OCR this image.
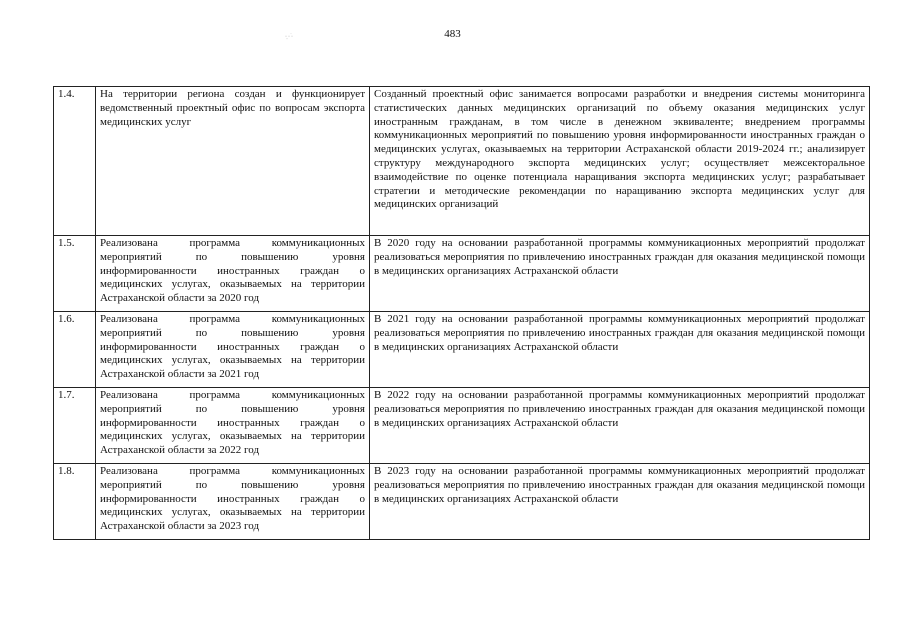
483
·̣·͘·
1.4.	На территории региона создан и функционирует ведомственный проектный офис по вопросам экспорта медицинских услуг	Созданный проектный офис занимается вопросами разработки и внедрения системы мониторинга статистических данных медицинских организаций по объему оказания медицинских услуг иностранным гражданам, в том числе в денежном эквиваленте; внедрением программы коммуникационных мероприятий по повышению уровня информированности иностранных граждан о медицинских услугах, оказываемых на территории Астраханской области 2019-2024 гг.; анализирует структуру международного экспорта медицинских услуг; осуществляет межсекторальное взаимодействие по оценке потенциала наращивания экспорта медицинских услуг; разрабатывает стратегии и методические рекомендации по наращиванию экспорта медицинских услуг для медицинских организаций
1.5.	Реализована программа коммуникационных мероприятий по повышению уровня информированности иностранных граждан о медицинских услугах, оказываемых на территории Астраханской области за 2020 год	В 2020 году на основании разработанной программы коммуникационных мероприятий продолжат реализоваться мероприятия по привлечению иностранных граждан для оказания медицинской помощи в медицинских организациях Астраханской области
1.6.	Реализована программа коммуникационных мероприятий по повышению уровня информированности иностранных граждан о медицинских услугах, оказываемых на территории Астраханской области за 2021 год	В 2021 году на основании разработанной программы коммуникационных мероприятий продолжат реализоваться мероприятия по привлечению иностранных граждан для оказания медицинской помощи в медицинских организациях Астраханской области
1.7.	Реализована программа коммуникационных мероприятий по повышению уровня информированности иностранных граждан о медицинских услугах, оказываемых на территории Астраханской области за 2022 год	В 2022 году на основании разработанной программы коммуникационных мероприятий продолжат реализоваться мероприятия по привлечению иностранных граждан для оказания медицинской помощи в медицинских организациях Астраханской области
1.8.	Реализована программа коммуникационных мероприятий по повышению уровня информированности иностранных граждан о медицинских услугах, оказываемых на территории Астраханской области за 2023 год	В 2023 году на основании разработанной программы коммуникационных мероприятий продолжат реализоваться мероприятия по привлечению иностранных граждан для оказания медицинской помощи в медицинских организациях Астраханской области
